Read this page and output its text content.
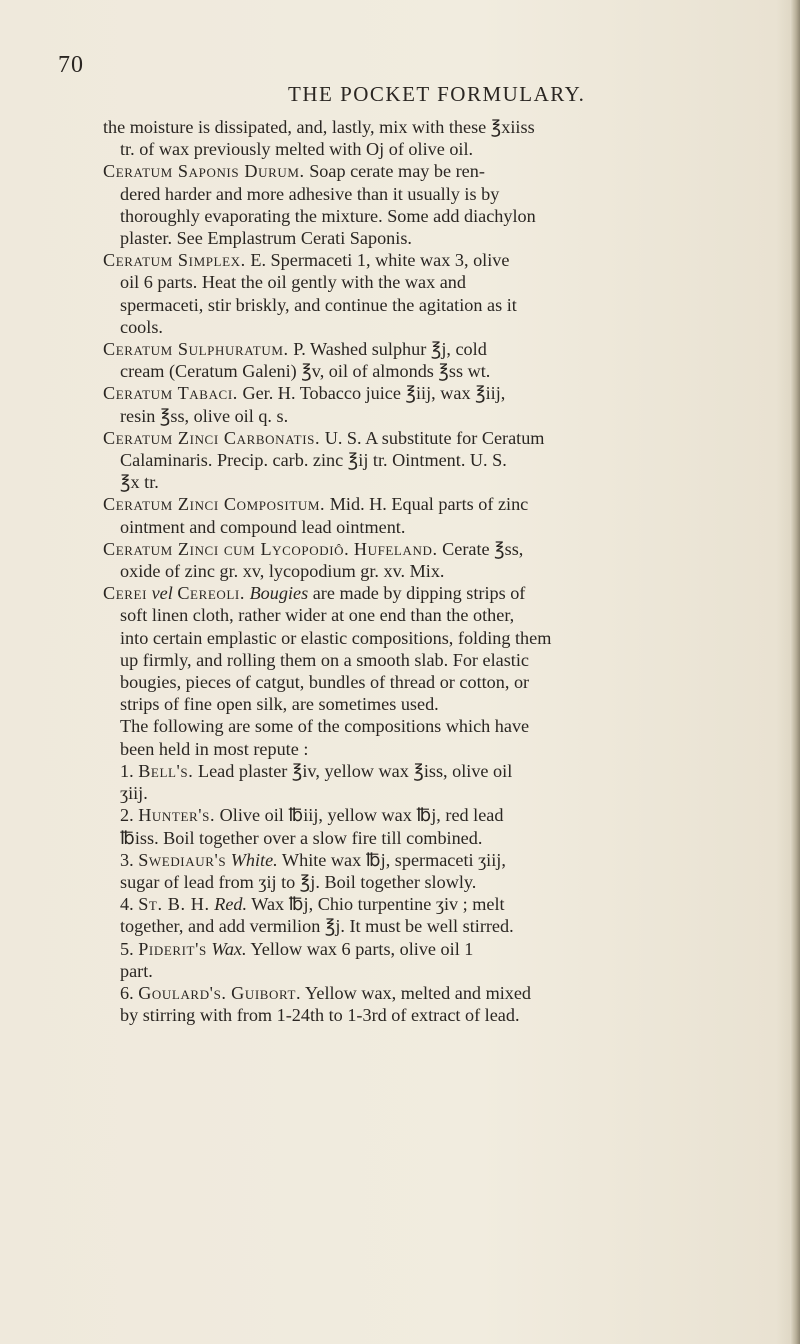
70
THE POCKET FORMULARY.
the moisture is dissipated, and, lastly, mix with these ℥xiiss
tr. of wax previously melted with Oj of olive oil.
Ceratum Saponis Durum. Soap cerate may be ren-
dered harder and more adhesive than it usually is by
thoroughly evaporating the mixture. Some add diachylon
plaster. See Emplastrum Cerati Saponis.
Ceratum Simplex. E. Spermaceti 1, white wax 3, olive
oil 6 parts. Heat the oil gently with the wax and
spermaceti, stir briskly, and continue the agitation as it
cools.
Ceratum Sulphuratum. P. Washed sulphur ℥j, cold
cream (Ceratum Galeni) ℥v, oil of almonds ℥ss wt.
Ceratum Tabaci. Ger. H. Tobacco juice ℥iij, wax ℥iij,
resin ℥ss, olive oil q. s.
Ceratum Zinci Carbonatis. U. S. A substitute for Ceratum
Calaminaris. Precip. carb. zinc ℥ij tr. Ointment. U. S.
℥x tr.
Ceratum Zinci Compositum. Mid. H. Equal parts of zinc
ointment and compound lead ointment.
Ceratum Zinci cum Lycopodiô. Hufeland. Cerate ℥ss,
oxide of zinc gr. xv, lycopodium gr. xv. Mix.
Cerei vel Cereoli. Bougies are made by dipping strips of
soft linen cloth, rather wider at one end than the other,
into certain emplastic or elastic compositions, folding them
up firmly, and rolling them on a smooth slab. For elastic
bougies, pieces of catgut, bundles of thread or cotton, or
strips of fine open silk, are sometimes used.
The following are some of the compositions which have
been held in most repute :
1. Bell's. Lead plaster ℥iv, yellow wax ℥iss, olive oil
ʒiij.
2. Hunter's. Olive oil ℔iij, yellow wax ℔j, red lead
℔iss. Boil together over a slow fire till combined.
3. Swediaur's White. White wax ℔j, spermaceti ʒiij,
sugar of lead from ʒij to ℥j. Boil together slowly.
4. St. B. H. Red. Wax ℔j, Chio turpentine ʒiv ; melt
together, and add vermilion ℥j. It must be well stirred.
5. Piderit's Wax. Yellow wax 6 parts, olive oil 1
part.
6. Goulard's. Guibort. Yellow wax, melted and mixed
by stirring with from 1-24th to 1-3rd of extract of lead.
